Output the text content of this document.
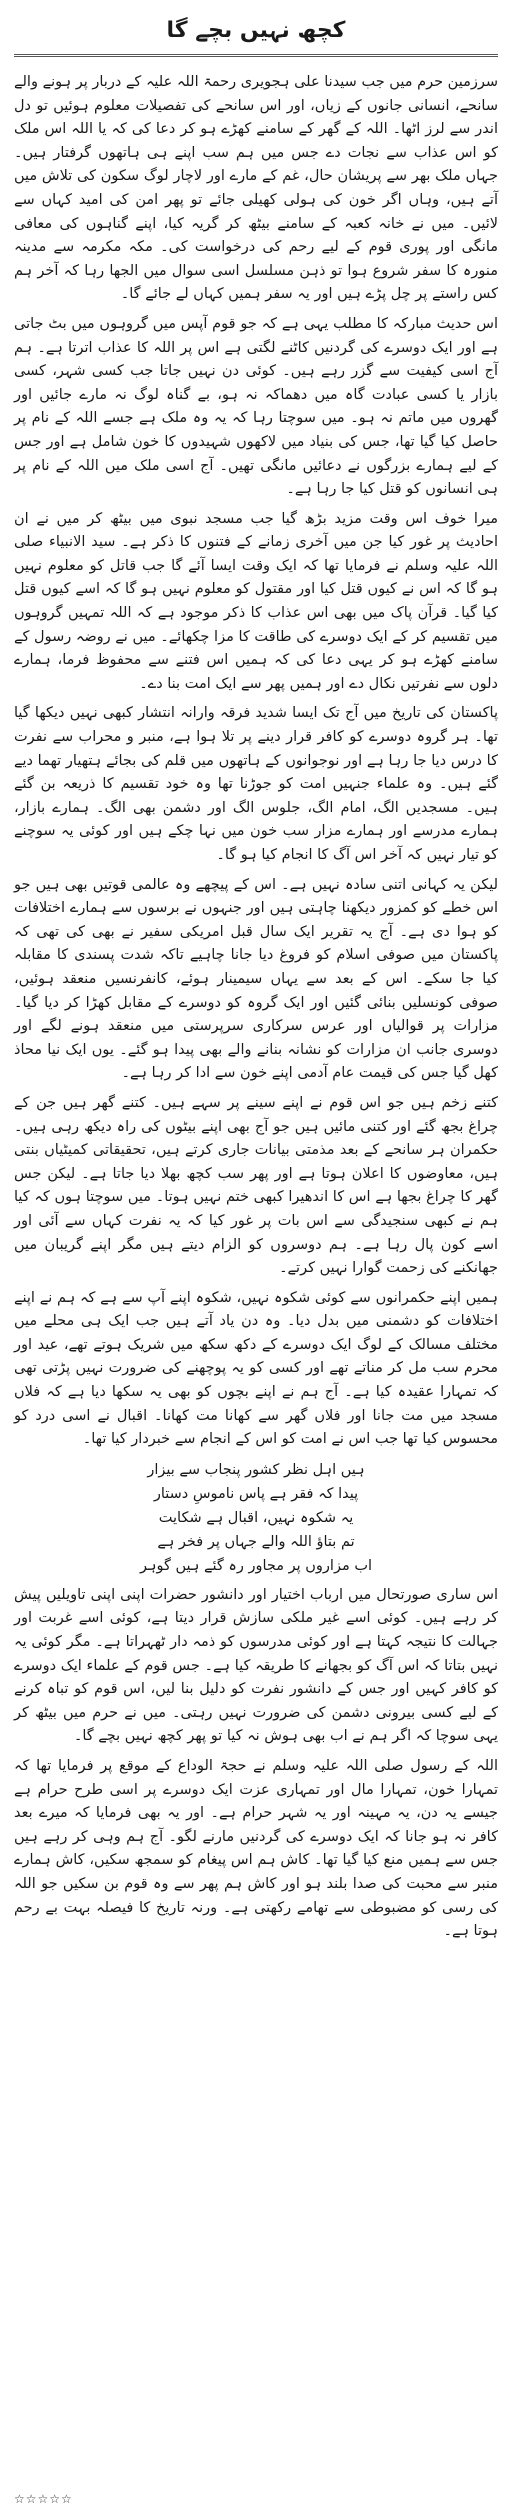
کچھ نہیں بچے گا

سرزمین حرم میں جب سیدنا علی ہجویری رحمۃ اللہ علیہ کے دربار پر ہونے والے سانحے، انسانی جانوں کے زیاں، اور اس سانحے کی تفصیلات معلوم ہوئیں تو دل اندر سے لرز اٹھا۔ اللہ کے گھر کے سامنے کھڑے ہو کر دعا کی کہ یا اللہ اس ملک کو اس عذاب سے نجات دے جس میں ہم سب اپنے ہی ہاتھوں گرفتار ہیں۔ جہاں ملک بھر سے پریشان حال، غم کے مارے اور لاچار لوگ سکون کی تلاش میں آتے ہیں، وہاں اگر خون کی ہولی کھیلی جائے تو پھر امن کی امید کہاں سے لائیں۔ میں نے خانہ کعبہ کے سامنے بیٹھ کر گریہ کیا، اپنے گناہوں کی معافی مانگی اور پوری قوم کے لیے رحم کی درخواست کی۔ مکہ مکرمہ سے مدینہ منورہ کا سفر شروع ہوا تو ذہن مسلسل اسی سوال میں الجھا رہا کہ آخر ہم کس راستے پر چل پڑے ہیں اور یہ سفر ہمیں کہاں لے جائے گا۔

اس حدیث مبارکہ کا مطلب یہی ہے کہ جو قوم آپس میں گروہوں میں بٹ جاتی ہے اور ایک دوسرے کی گردنیں کاٹنے لگتی ہے اس پر اللہ کا عذاب اترتا ہے۔ ہم آج اسی کیفیت سے گزر رہے ہیں۔ کوئی دن نہیں جاتا جب کسی شہر، کسی بازار یا کسی عبادت گاہ میں دھماکہ نہ ہو، بے گناہ لوگ نہ مارے جائیں اور گھروں میں ماتم نہ ہو۔ میں سوچتا رہا کہ یہ وہ ملک ہے جسے اللہ کے نام پر حاصل کیا گیا تھا، جس کی بنیاد میں لاکھوں شہیدوں کا خون شامل ہے اور جس کے لیے ہمارے بزرگوں نے دعائیں مانگی تھیں۔ آج اسی ملک میں اللہ کے نام پر ہی انسانوں کو قتل کیا جا رہا ہے۔

میرا خوف اس وقت مزید بڑھ گیا جب مسجد نبوی میں بیٹھ کر میں نے ان احادیث پر غور کیا جن میں آخری زمانے کے فتنوں کا ذکر ہے۔ سید الانبیاء صلی اللہ علیہ وسلم نے فرمایا تھا کہ ایک وقت ایسا آئے گا جب قاتل کو معلوم نہیں ہو گا کہ اس نے کیوں قتل کیا اور مقتول کو معلوم نہیں ہو گا کہ اسے کیوں قتل کیا گیا۔ قرآن پاک میں بھی اس عذاب کا ذکر موجود ہے کہ اللہ تمہیں گروہوں میں تقسیم کر کے ایک دوسرے کی طاقت کا مزا چکھائے۔ میں نے روضہ رسول کے سامنے کھڑے ہو کر یہی دعا کی کہ ہمیں اس فتنے سے محفوظ فرما، ہمارے دلوں سے نفرتیں نکال دے اور ہمیں پھر سے ایک امت بنا دے۔

پاکستان کی تاریخ میں آج تک ایسا شدید فرقہ وارانہ انتشار کبھی نہیں دیکھا گیا تھا۔ ہر گروہ دوسرے کو کافر قرار دینے پر تلا ہوا ہے، منبر و محراب سے نفرت کا درس دیا جا رہا ہے اور نوجوانوں کے ہاتھوں میں قلم کی بجائے ہتھیار تھما دیے گئے ہیں۔ وہ علماء جنہیں امت کو جوڑنا تھا وہ خود تقسیم کا ذریعہ بن گئے ہیں۔ مسجدیں الگ، امام الگ، جلوس الگ اور دشمن بھی الگ۔ ہمارے بازار، ہمارے مدرسے اور ہمارے مزار سب خون میں نہا چکے ہیں اور کوئی یہ سوچنے کو تیار نہیں کہ آخر اس آگ کا انجام کیا ہو گا۔

لیکن یہ کہانی اتنی سادہ نہیں ہے۔ اس کے پیچھے وہ عالمی قوتیں بھی ہیں جو اس خطے کو کمزور دیکھنا چاہتی ہیں اور جنہوں نے برسوں سے ہمارے اختلافات کو ہوا دی ہے۔ آج یہ تقریر ایک سال قبل امریکی سفیر نے بھی کی تھی کہ پاکستان میں صوفی اسلام کو فروغ دیا جانا چاہیے تاکہ شدت پسندی کا مقابلہ کیا جا سکے۔ اس کے بعد سے یہاں سیمینار ہوئے، کانفرنسیں منعقد ہوئیں، صوفی کونسلیں بنائی گئیں اور ایک گروہ کو دوسرے کے مقابل کھڑا کر دیا گیا۔ مزارات پر قوالیاں اور عرس سرکاری سرپرستی میں منعقد ہونے لگے اور دوسری جانب ان مزارات کو نشانہ بنانے والے بھی پیدا ہو گئے۔ یوں ایک نیا محاذ کھل گیا جس کی قیمت عام آدمی اپنے خون سے ادا کر رہا ہے۔

کتنے زخم ہیں جو اس قوم نے اپنے سینے پر سہے ہیں۔ کتنے گھر ہیں جن کے چراغ بجھ گئے اور کتنی مائیں ہیں جو آج بھی اپنے بیٹوں کی راہ دیکھ رہی ہیں۔ حکمران ہر سانحے کے بعد مذمتی بیانات جاری کرتے ہیں، تحقیقاتی کمیٹیاں بنتی ہیں، معاوضوں کا اعلان ہوتا ہے اور پھر سب کچھ بھلا دیا جاتا ہے۔ لیکن جس گھر کا چراغ بجھا ہے اس کا اندھیرا کبھی ختم نہیں ہوتا۔ میں سوچتا ہوں کہ کیا ہم نے کبھی سنجیدگی سے اس بات پر غور کیا کہ یہ نفرت کہاں سے آئی اور اسے کون پال رہا ہے۔ ہم دوسروں کو الزام دیتے ہیں مگر اپنے گریبان میں جھانکنے کی زحمت گوارا نہیں کرتے۔

ہمیں اپنے حکمرانوں سے کوئی شکوہ نہیں، شکوہ اپنے آپ سے ہے کہ ہم نے اپنے اختلافات کو دشمنی میں بدل دیا۔ وہ دن یاد آتے ہیں جب ایک ہی محلے میں مختلف مسالک کے لوگ ایک دوسرے کے دکھ سکھ میں شریک ہوتے تھے، عید اور محرم سب مل کر مناتے تھے اور کسی کو یہ پوچھنے کی ضرورت نہیں پڑتی تھی کہ تمہارا عقیدہ کیا ہے۔ آج ہم نے اپنے بچوں کو بھی یہ سکھا دیا ہے کہ فلاں مسجد میں مت جانا اور فلاں گھر سے کھانا مت کھانا۔ اقبال نے اسی درد کو محسوس کیا تھا جب اس نے امت کو اس کے انجام سے خبردار کیا تھا۔

ہیں اہل نظر کشور پنجاب سے بیزار
پیدا کہ فقر ہے پاس ناموسِ دستار
یہ شکوہ نہیں، اقبال ہے شکایت
تم بتاؤ اللہ والے جہاں پر فخر ہے
اب مزاروں پر مجاور رہ گئے ہیں گوہر

اس ساری صورتحال میں ارباب اختیار اور دانشور حضرات اپنی اپنی تاویلیں پیش کر رہے ہیں۔ کوئی اسے غیر ملکی سازش قرار دیتا ہے، کوئی اسے غربت اور جہالت کا نتیجہ کہتا ہے اور کوئی مدرسوں کو ذمہ دار ٹھہراتا ہے۔ مگر کوئی یہ نہیں بتاتا کہ اس آگ کو بجھانے کا طریقہ کیا ہے۔ جس قوم کے علماء ایک دوسرے کو کافر کہیں اور جس کے دانشور نفرت کو دلیل بنا لیں، اس قوم کو تباہ کرنے کے لیے کسی بیرونی دشمن کی ضرورت نہیں رہتی۔ میں نے حرم میں بیٹھ کر یہی سوچا کہ اگر ہم نے اب بھی ہوش نہ کیا تو پھر کچھ نہیں بچے گا۔

اللہ کے رسول صلی اللہ علیہ وسلم نے حجۃ الوداع کے موقع پر فرمایا تھا کہ تمہارا خون، تمہارا مال اور تمہاری عزت ایک دوسرے پر اسی طرح حرام ہے جیسے یہ دن، یہ مہینہ اور یہ شہر حرام ہے۔ اور یہ بھی فرمایا کہ میرے بعد کافر نہ ہو جانا کہ ایک دوسرے کی گردنیں مارنے لگو۔ آج ہم وہی کر رہے ہیں جس سے ہمیں منع کیا گیا تھا۔ کاش ہم اس پیغام کو سمجھ سکیں، کاش ہمارے منبر سے محبت کی صدا بلند ہو اور کاش ہم پھر سے وہ قوم بن سکیں جو اللہ کی رسی کو مضبوطی سے تھامے رکھتی ہے۔ ورنہ تاریخ کا فیصلہ بہت بے رحم ہوتا ہے۔

☆☆☆☆☆
